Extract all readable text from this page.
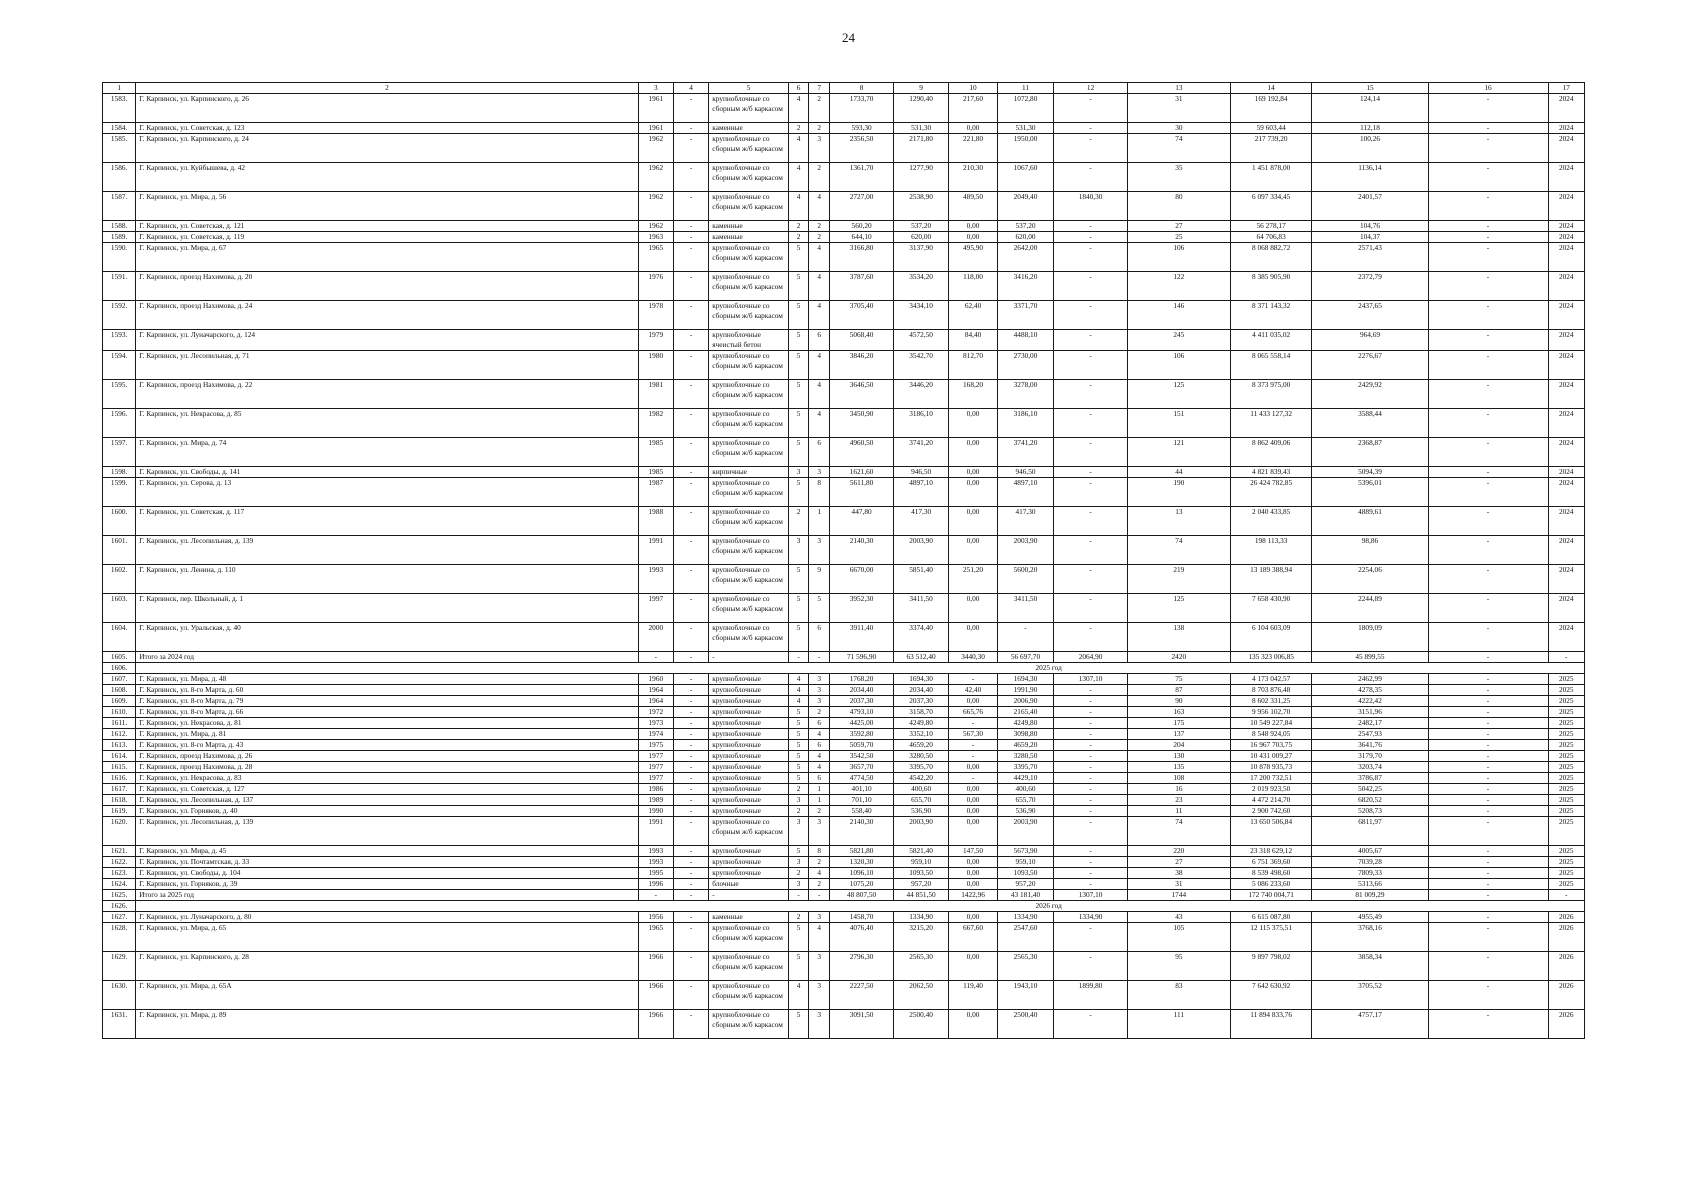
24
1	2	3	4	5	6	7	8	9	10	11	12	13	14	15	16	17
1583.	Г. Карпинск, ул. Карпинского, д. 26	1961	-	крупноблочные со сборным ж/б каркасом	4	2	1733,70	1290,40	217,60	1072,80	-	31	169 192,84	124,14	-	2024
1584.	Г. Карпинск, ул. Советская, д. 123	1961	-	каменные	2	2	593,30	531,30	0,00	531,30	-	30	59 603,44	112,18	-	2024
1585.	Г. Карпинск, ул. Карпинского, д. 24	1962	-	крупноблочные со сборным ж/б каркасом	4	3	2356,50	2171,80	221,80	1950,00	-	74	217 739,20	100,26	-	2024
1586.	Г. Карпинск, ул. Куйбышева, д. 42	1962	-	крупноблочные со сборным ж/б каркасом	4	2	1361,70	1277,90	210,30	1067,60	-	35	1 451 878,00	1136,14	-	2024
1587.	Г. Карпинск, ул. Мира, д. 56	1962	-	крупноблочные со сборным ж/б каркасом	4	4	2727,00	2538,90	489,50	2049,40	1840,30	80	6 097 334,45	2401,57	-	2024
1588.	Г. Карпинск, ул. Советская, д. 121	1962	-	каменные	2	2	560,20	537,20	0,00	537,20	-	27	56 278,17	104,76	-	2024
1589.	Г. Карпинск, ул. Советская, д. 119	1963	-	каменные	2	2	644,10	620,00	0,00	620,00	-	25	64 706,83	104,37	-	2024
1590.	Г. Карпинск, ул. Мира, д. 67	1965	-	крупноблочные со сборным ж/б каркасом	5	4	3166,80	3137,90	495,90	2642,00	-	106	8 068 882,72	2571,43	-	2024
1591.	Г. Карпинск, проезд Нахимова, д. 20	1976	-	крупноблочные со сборным ж/б каркасом	5	4	3787,60	3534,20	118,00	3416,20	-	122	8 385 905,90	2372,79	-	2024
1592.	Г. Карпинск, проезд Нахимова, д. 24	1978	-	крупноблочные со сборным ж/б каркасом	5	4	3705,40	3434,10	62,40	3371,70	-	146	8 371 143,32	2437,65	-	2024
1593.	Г. Карпинск, ул. Луначарского, д. 124	1979	-	крупноблочные ячеистый бетон	5	6	5068,40	4572,50	84,40	4488,10	-	245	4 411 035,02	964,69	-	2024
1594.	Г. Карпинск, ул. Лесопильная, д. 71	1980	-	крупноблочные со сборным ж/б каркасом	5	4	3846,20	3542,70	812,70	2730,00	-	106	8 065 558,14	2276,67	-	2024
1595.	Г. Карпинск, проезд Нахимова, д. 22	1981	-	крупноблочные со сборным ж/б каркасом	5	4	3646,50	3446,20	168,20	3278,00	-	125	8 373 975,00	2429,92	-	2024
1596.	Г. Карпинск, ул. Некрасова, д. 85	1982	-	крупноблочные со сборным ж/б каркасом	5	4	3450,90	3186,10	0,00	3186,10	-	151	11 433 127,32	3588,44	-	2024
1597.	Г. Карпинск, ул. Мира, д. 74	1985	-	крупноблочные со сборным ж/б каркасом	5	6	4960,50	3741,20	0,00	3741,20	-	121	8 862 409,06	2368,87	-	2024
1598.	Г. Карпинск, ул. Свободы, д. 141	1985	-	кирпичные	3	3	1621,60	946,50	0,00	946,50	-	44	4 821 839,43	5094,39	-	2024
1599.	Г. Карпинск, ул. Серова, д. 13	1987	-	крупноблочные со сборным ж/б каркасом	5	8	5611,80	4897,10	0,00	4897,10	-	190	26 424 782,85	5396,01	-	2024
1600.	Г. Карпинск, ул. Советская, д. 117	1988	-	крупноблочные со сборным ж/б каркасом	2	1	447,80	417,30	0,00	417,30	-	13	2 040 433,85	4889,61	-	2024
1601.	Г. Карпинск, ул. Лесопильная, д. 139	1991	-	крупноблочные со сборным ж/б каркасом	3	3	2140,30	2003,90	0,00	2003,90	-	74	198 113,33	98,86	-	2024
1602.	Г. Карпинск, ул. Ленина, д. 110	1993	-	крупноблочные со сборным ж/б каркасом	5	9	6670,00	5851,40	251,20	5600,20	-	219	13 189 388,94	2254,06	-	2024
1603.	Г. Карпинск, пер. Школьный, д. 1	1997	-	крупноблочные со сборным ж/б каркасом	5	5	3952,30	3411,50	0,00	3411,50	-	125	7 658 430,90	2244,89	-	2024
1604.	Г. Карпинск, ул. Уральская, д. 40	2000	-	крупноблочные со сборным ж/б каркасом	5	6	3911,40	3374,40	0,00	-	-	138	6 104 603,09	1809,09	-	2024
1605.	Итого за 2024 год	-	-	-	-	-	71 596,90	63 512,40	3440,30	56 697,70	2064,90	2420	135 323 006,85	45 899,55	-	-
1606.	2025 год															
1607.	Г. Карпинск, ул. Мира, д. 48	1960	-	крупноблочные	4	3	1768,20	1694,30	-	1694,30	1307,10	75	4 173 042,57	2462,99	-	2025
1608.	Г. Карпинск, ул. 8-го Марта, д. 60	1964	-	крупноблочные	4	3	2034,40	2034,40	42,40	1991,90	-	87	8 703 876,48	4278,35	-	2025
1609.	Г. Карпинск, ул. 8-го Марта, д. 79	1964	-	крупноблочные	4	3	2037,30	2037,30	0,00	2006,90	-	90	8 602 331,25	4222,42	-	2025
1610.	Г. Карпинск, ул. 8-го Марта, д. 66	1972	-	крупноблочные	5	2	4793,10	3158,70	665,76	2165,40	-	163	9 956 102,70	3151,96	-	2025
1611.	Г. Карпинск, ул. Некрасова, д. 81	1973	-	крупноблочные	5	6	4425,00	4249,80	-	4249,80	-	175	10 549 227,84	2482,17	-	2025
1612.	Г. Карпинск, ул. Мира, д. 81	1974	-	крупноблочные	5	4	3592,80	3352,10	567,30	3098,80	-	137	8 548 924,05	2547,93	-	2025
1613.	Г. Карпинск, ул. 8-го Марта, д. 43	1975	-	крупноблочные	5	6	5059,70	4659,20	-	4659,20	-	204	16 967 703,75	3641,76	-	2025
1614.	Г. Карпинск, проезд Нахимова, д. 26	1977	-	крупноблочные	5	4	3542,50	3280,50	-	3280,50	-	130	10 431 009,27	3179,70	-	2025
1615.	Г. Карпинск, проезд Нахимова, д. 28	1977	-	крупноблочные	5	4	3657,70	3395,70	0,00	3395,70	-	135	10 878 935,73	3203,74	-	2025
1616.	Г. Карпинск, ул. Некрасова, д. 83	1977	-	крупноблочные	5	6	4774,50	4542,20	-	4429,10	-	108	17 200 732,51	3786,87	-	2025
1617.	Г. Карпинск, ул. Советская, д. 127	1986	-	крупноблочные	2	1	401,10	400,60	0,00	400,60	-	16	2 019 923,50	5042,25	-	2025
1618.	Г. Карпинск, ул. Лесопильная, д. 137	1989	-	крупноблочные	3	1	701,10	655,70	0,00	655,70	-	23	4 472 214,70	6820,52	-	2025
1619.	Г. Карпинск, ул. Горняков, д. 40	1990	-	крупноблочные	2	2	558,40	536,90	0,00	536,90	-	11	2 900 742,60	5208,73	-	2025
1620.	Г. Карпинск, ул. Лесопильная, д. 139	1991	-	крупноблочные со сборным ж/б каркасом	3	3	2140,30	2003,90	0,00	2003,90	-	74	13 650 506,84	6811,97	-	2025
1621.	Г. Карпинск, ул. Мира, д. 45	1993	-	крупноблочные	5	8	5821,80	5821,40	147,50	5673,90	-	220	23 318 629,12	4005,67	-	2025
1622.	Г. Карпинск, ул. Почтамтская, д. 33	1993	-	крупноблочные	3	2	1320,30	959,10	0,00	959,10	-	27	6 751 369,60	7039,28	-	2025
1623.	Г. Карпинск, ул. Свободы, д. 104	1995	-	крупноблочные	2	4	1096,10	1093,50	0,00	1093,50	-	38	8 539 498,60	7809,33	-	2025
1624.	Г. Карпинск, ул. Горняков, д. 39	1996	-	блочные	3	2	1075,20	957,20	0,00	957,20	-	31	5 086 233,60	5313,66	-	2025
1625.	Итого за 2025 год	-	-	-	-	-	48 807,50	44 851,50	1422,96	43 181,40	1307,10	1744	172 740 004,71	81 009,29	-	-
1626.	2026 год															
1627.	Г. Карпинск, ул. Луначарского, д. 80	1956	-	каменные	2	3	1458,70	1334,90	0,00	1334,90	1334,90	43	6 615 087,80	4955,49	-	2026
1628.	Г. Карпинск, ул. Мира, д. 65	1965	-	крупноблочные со сборным ж/б каркасом	5	4	4076,40	3215,20	667,60	2547,60	-	105	12 115 375,51	3768,16	-	2026
1629.	Г. Карпинск, ул. Карпинского, д. 28	1966	-	крупноблочные со сборным ж/б каркасом	5	3	2796,30	2565,30	0,00	2565,30	-	95	9 897 798,02	3858,34	-	2026
1630.	Г. Карпинск, ул. Мира, д. 65А	1966	-	крупноблочные со сборным ж/б каркасом	4	3	2227,50	2062,50	119,40	1943,10	1899,80	83	7 642 630,92	3705,52	-	2026
1631.	Г. Карпинск, ул. Мира, д. 89	1966	-	крупноблочные со сборным ж/б каркасом	5	3	3091,50	2500,40	0,00	2500,40	-	111	11 894 833,76	4757,17	-	2026
